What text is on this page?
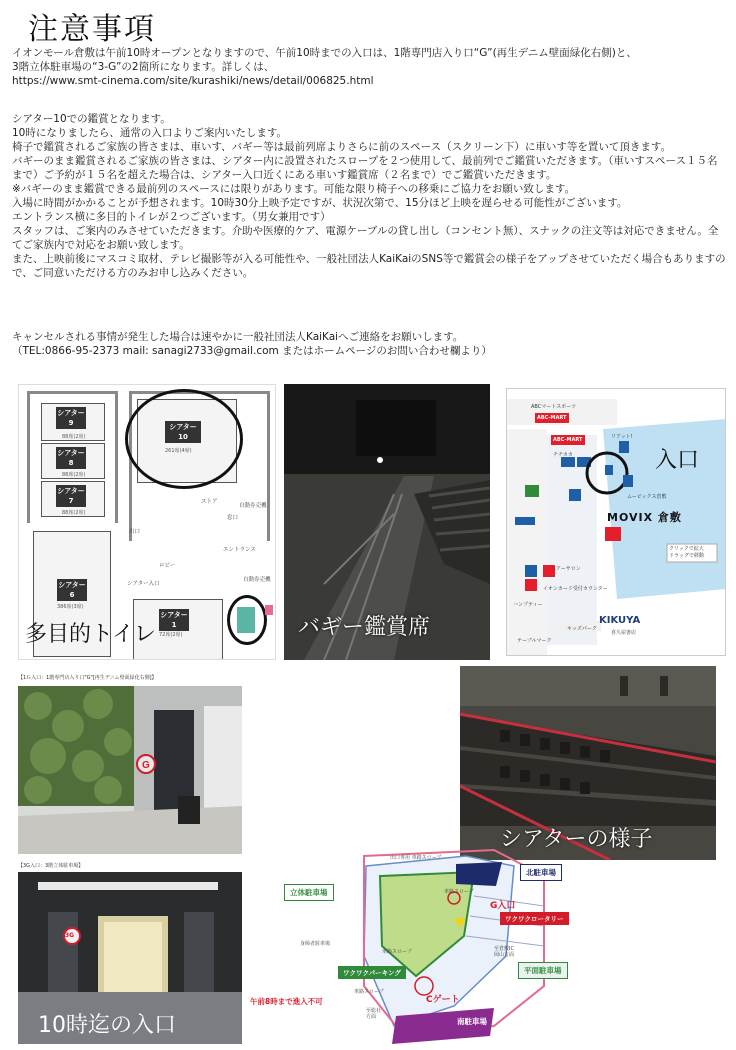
注意事項

イオンモール倉敷は午前10時オープンとなりますので、午前10時までの入口は、1階専門店入り口“G”(再生デニム壁面緑化右側)と、

3階立体駐車場の“3-G”の2箇所になります。詳しくは、

https://www.smt-cinema.com/site/kurashiki/news/detail/006825.html

シアター10での鑑賞となります。

10時になりましたら、通常の入口よりご案内いたします。

椅子で鑑賞されるご家族の皆さまは、車いす、バギー等は最前列席よりさらに前のスペース（スクリーン下）に車いす等を置いて頂きます。

バギーのまま鑑賞されるご家族の皆さまは、シアター内に設置されたスロープを２つ使用して、最前列でご鑑賞いただきます。（車いすスペース１５名まで）ご予約が１５名を超えた場合は、シアター入口近くにある車いす鑑賞席（２名まで）でご鑑賞いただきます。

※バギーのまま鑑賞できる最前列のスペースには限りがあります。可能な限り椅子への移乗にご協力をお願い致します。

入場に時間がかかることが予想されます。10時30分上映予定ですが、状況次第で、15分ほど上映を遅らせる可能性がございます。

エントランス横に多目的トイレが２つございます。（男女兼用です）

スタッフは、ご案内のみさせていただきます。介助や医療的ケア、電源ケーブルの貸し出し（コンセント無）、スナックの注文等は対応できません。全てご家族内で対応をお願い致します。

また、上映前後にマスコミ取材、テレビ撮影等が入る可能性や、一般社団法人KaiKaiのSNS等で鑑賞会の様子をアップさせていただく場合もありますので、ご同意いただける方のみお申し込みください。

キャンセルされる事情が発生した場合は速やかに一般社団法人KaiKaiへご連絡をお願いします。

（TEL:0866-95-2373 mail: sanagi2733@gmail.com またはホームページのお問い合わせ欄より）

シアター
9
88席(2席)
シアター
8
88席(2席)
シアター
7
88席(2席)
シアター
10
261席(4席)
シアター
6
386席(3席)
シアター
1
72席(2席)
ストア
出口
窓口
自動券売機
ロビー
エントランス
シアター入口
自動券売機
多目的トイレ	バギー鑑賞席
ABCマートスポーツ
ABC-MART
ABC-MART
チチカカ
リアット!
キッズパーク
ヘアーサロン
テーブルマーク
ハンプティー
イオンカード受付カウンター
ムービックス倉敷
MOVIX 倉敷
KIKUYA
喜久屋書店
クリックで拡大
ドラッグで移動
入口
【1Ｇ入口：1階専門店入り口"G"[再生デニム壁面緑化右側]】
G
【3G入口：3階立体駐車場】
3G
10時迄の入口
シアターの様子
北駐車場
立体駐車場
平面駐車場
南駐車場
G入口
ワクワクロータリー
ワクワクパーキング
Cゲート
午前8時まで進入不可
出口専用 車路スロープ
車路スロープ
車路スロープ
車路スロープ
身障者駐車場
至倉敷IC
岡山方面
至総社
方面
